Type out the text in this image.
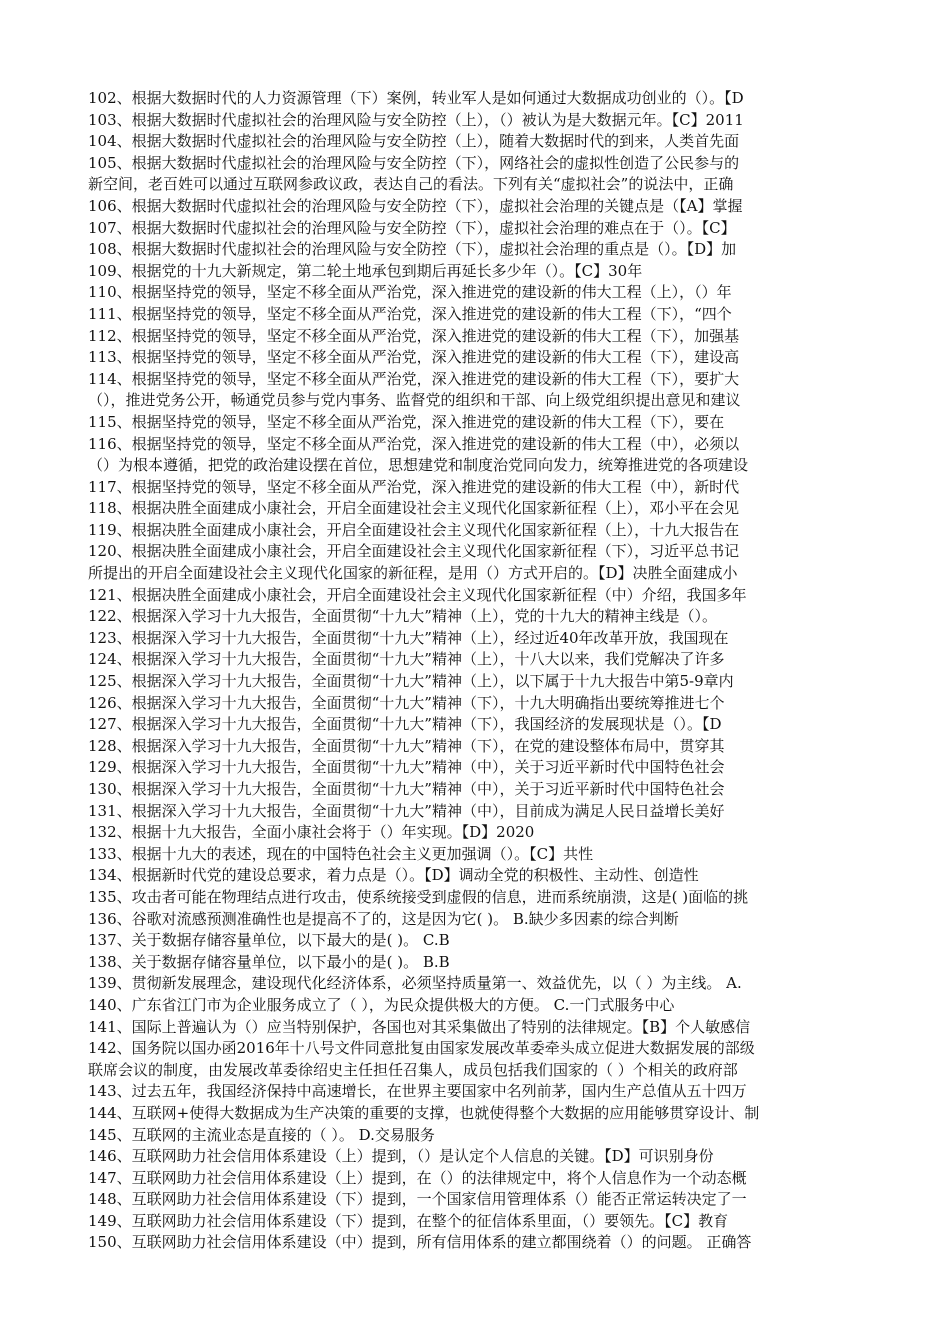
102、根据大数据时代的人力资源管理（下）案例，转业军人是如何通过大数据成功创业的（）。【D
103、根据大数据时代虚拟社会的治理风险与安全防控（上），（）被认为是大数据元年。【C】2011
104、根据大数据时代虚拟社会的治理风险与安全防控（上），随着大数据时代的到来，人类首先面
105、根据大数据时代虚拟社会的治理风险与安全防控（下），网络社会的虚拟性创造了公民参与的
新空间，老百姓可以通过互联网参政议政，表达自己的看法。下列有关“虚拟社会”的说法中，正确
106、根据大数据时代虚拟社会的治理风险与安全防控（下），虚拟社会治理的关键点是（【A】掌握
107、根据大数据时代虚拟社会的治理风险与安全防控（下），虚拟社会治理的难点在于（）。【C】
108、根据大数据时代虚拟社会的治理风险与安全防控（下），虚拟社会治理的重点是（）。【D】加
109、根据党的十九大新规定，第二轮土地承包到期后再延长多少年（）。【C】30年
110、根据坚持党的领导，坚定不移全面从严治党，深入推进党的建设新的伟大工程（上），（）年
111、根据坚持党的领导，坚定不移全面从严治党，深入推进党的建设新的伟大工程（下），“四个
112、根据坚持党的领导，坚定不移全面从严治党，深入推进党的建设新的伟大工程（下），加强基
113、根据坚持党的领导，坚定不移全面从严治党，深入推进党的建设新的伟大工程（下），建设高
114、根据坚持党的领导，坚定不移全面从严治党，深入推进党的建设新的伟大工程（下），要扩大
（），推进党务公开，畅通党员参与党内事务、监督党的组织和干部、向上级党组织提出意见和建议
115、根据坚持党的领导，坚定不移全面从严治党，深入推进党的建设新的伟大工程（下），要在
116、根据坚持党的领导，坚定不移全面从严治党，深入推进党的建设新的伟大工程（中），必须以
（）为根本遵循，把党的政治建设摆在首位，思想建党和制度治党同向发力，统筹推进党的各项建设
117、根据坚持党的领导，坚定不移全面从严治党，深入推进党的建设新的伟大工程（中），新时代
118、根据决胜全面建成小康社会，开启全面建设社会主义现代化国家新征程（上），邓小平在会见
119、根据决胜全面建成小康社会，开启全面建设社会主义现代化国家新征程（上），十九大报告在
120、根据决胜全面建成小康社会，开启全面建设社会主义现代化国家新征程（下），习近平总书记
所提出的开启全面建设社会主义现代化国家的新征程，是用（）方式开启的。【D】决胜全面建成小
121、根据决胜全面建成小康社会，开启全面建设社会主义现代化国家新征程（中）介绍，我国多年
122、根据深入学习十九大报告，全面贯彻“十九大”精神（上），党的十九大的精神主线是（）。
123、根据深入学习十九大报告，全面贯彻“十九大”精神（上），经过近40年改革开放，我国现在
124、根据深入学习十九大报告，全面贯彻“十九大”精神（上），十八大以来，我们党解决了许多
125、根据深入学习十九大报告，全面贯彻“十九大”精神（上），以下属于十九大报告中第5-9章内
126、根据深入学习十九大报告，全面贯彻“十九大”精神（下），十九大明确指出要统筹推进七个
127、根据深入学习十九大报告，全面贯彻“十九大”精神（下），我国经济的发展现状是（）。【D
128、根据深入学习十九大报告，全面贯彻“十九大”精神（下），在党的建设整体布局中，贯穿其
129、根据深入学习十九大报告，全面贯彻“十九大”精神（中），关于习近平新时代中国特色社会
130、根据深入学习十九大报告，全面贯彻“十九大”精神（中），关于习近平新时代中国特色社会
131、根据深入学习十九大报告，全面贯彻“十九大”精神（中），目前成为满足人民日益增长美好
132、根据十九大报告，全面小康社会将于（）年实现。【D】2020
133、根据十九大的表述，现在的中国特色社会主义更加强调（）。【C】共性
134、根据新时代党的建设总要求，着力点是（）。【D】调动全党的积极性、主动性、创造性
135、攻击者可能在物理结点进行攻击，使系统接受到虚假的信息，进而系统崩溃，这是( )面临的挑
136、谷歌对流感预测准确性也是提高不了的，这是因为它( )。 B.缺少多因素的综合判断
137、关于数据存储容量单位，以下最大的是( )。 C.B
138、关于数据存储容量单位，以下最小的是( )。 B.B
139、贯彻新发展理念，建设现代化经济体系，必须坚持质量第一、效益优先，以（ ）为主线。 A.
140、广东省江门市为企业服务成立了（ ），为民众提供极大的方便。 C.一门式服务中心
141、国际上普遍认为（）应当特别保护，各国也对其采集做出了特别的法律规定。【B】个人敏感信
142、国务院以国办函2016年十八号文件同意批复由国家发展改革委牵头成立促进大数据发展的部级
联席会议的制度，由发展改革委徐绍史主任担任召集人，成员包括我们国家的（ ）个相关的政府部
143、过去五年，我国经济保持中高速增长，在世界主要国家中名列前茅，国内生产总值从五十四万
144、互联网+使得大数据成为生产决策的重要的支撑，也就使得整个大数据的应用能够贯穿设计、制
145、互联网的主流业态是直接的（ ）。 D.交易服务
146、互联网助力社会信用体系建设（上）提到，（）是认定个人信息的关键。【D】可识别身份
147、互联网助力社会信用体系建设（上）提到，在（）的法律规定中，将个人信息作为一个动态概
148、互联网助力社会信用体系建设（下）提到，一个国家信用管理体系（）能否正常运转决定了一
149、互联网助力社会信用体系建设（下）提到，在整个的征信体系里面，（）要领先。【C】教育
150、互联网助力社会信用体系建设（中）提到，所有信用体系的建立都围绕着（）的问题。 正确答
